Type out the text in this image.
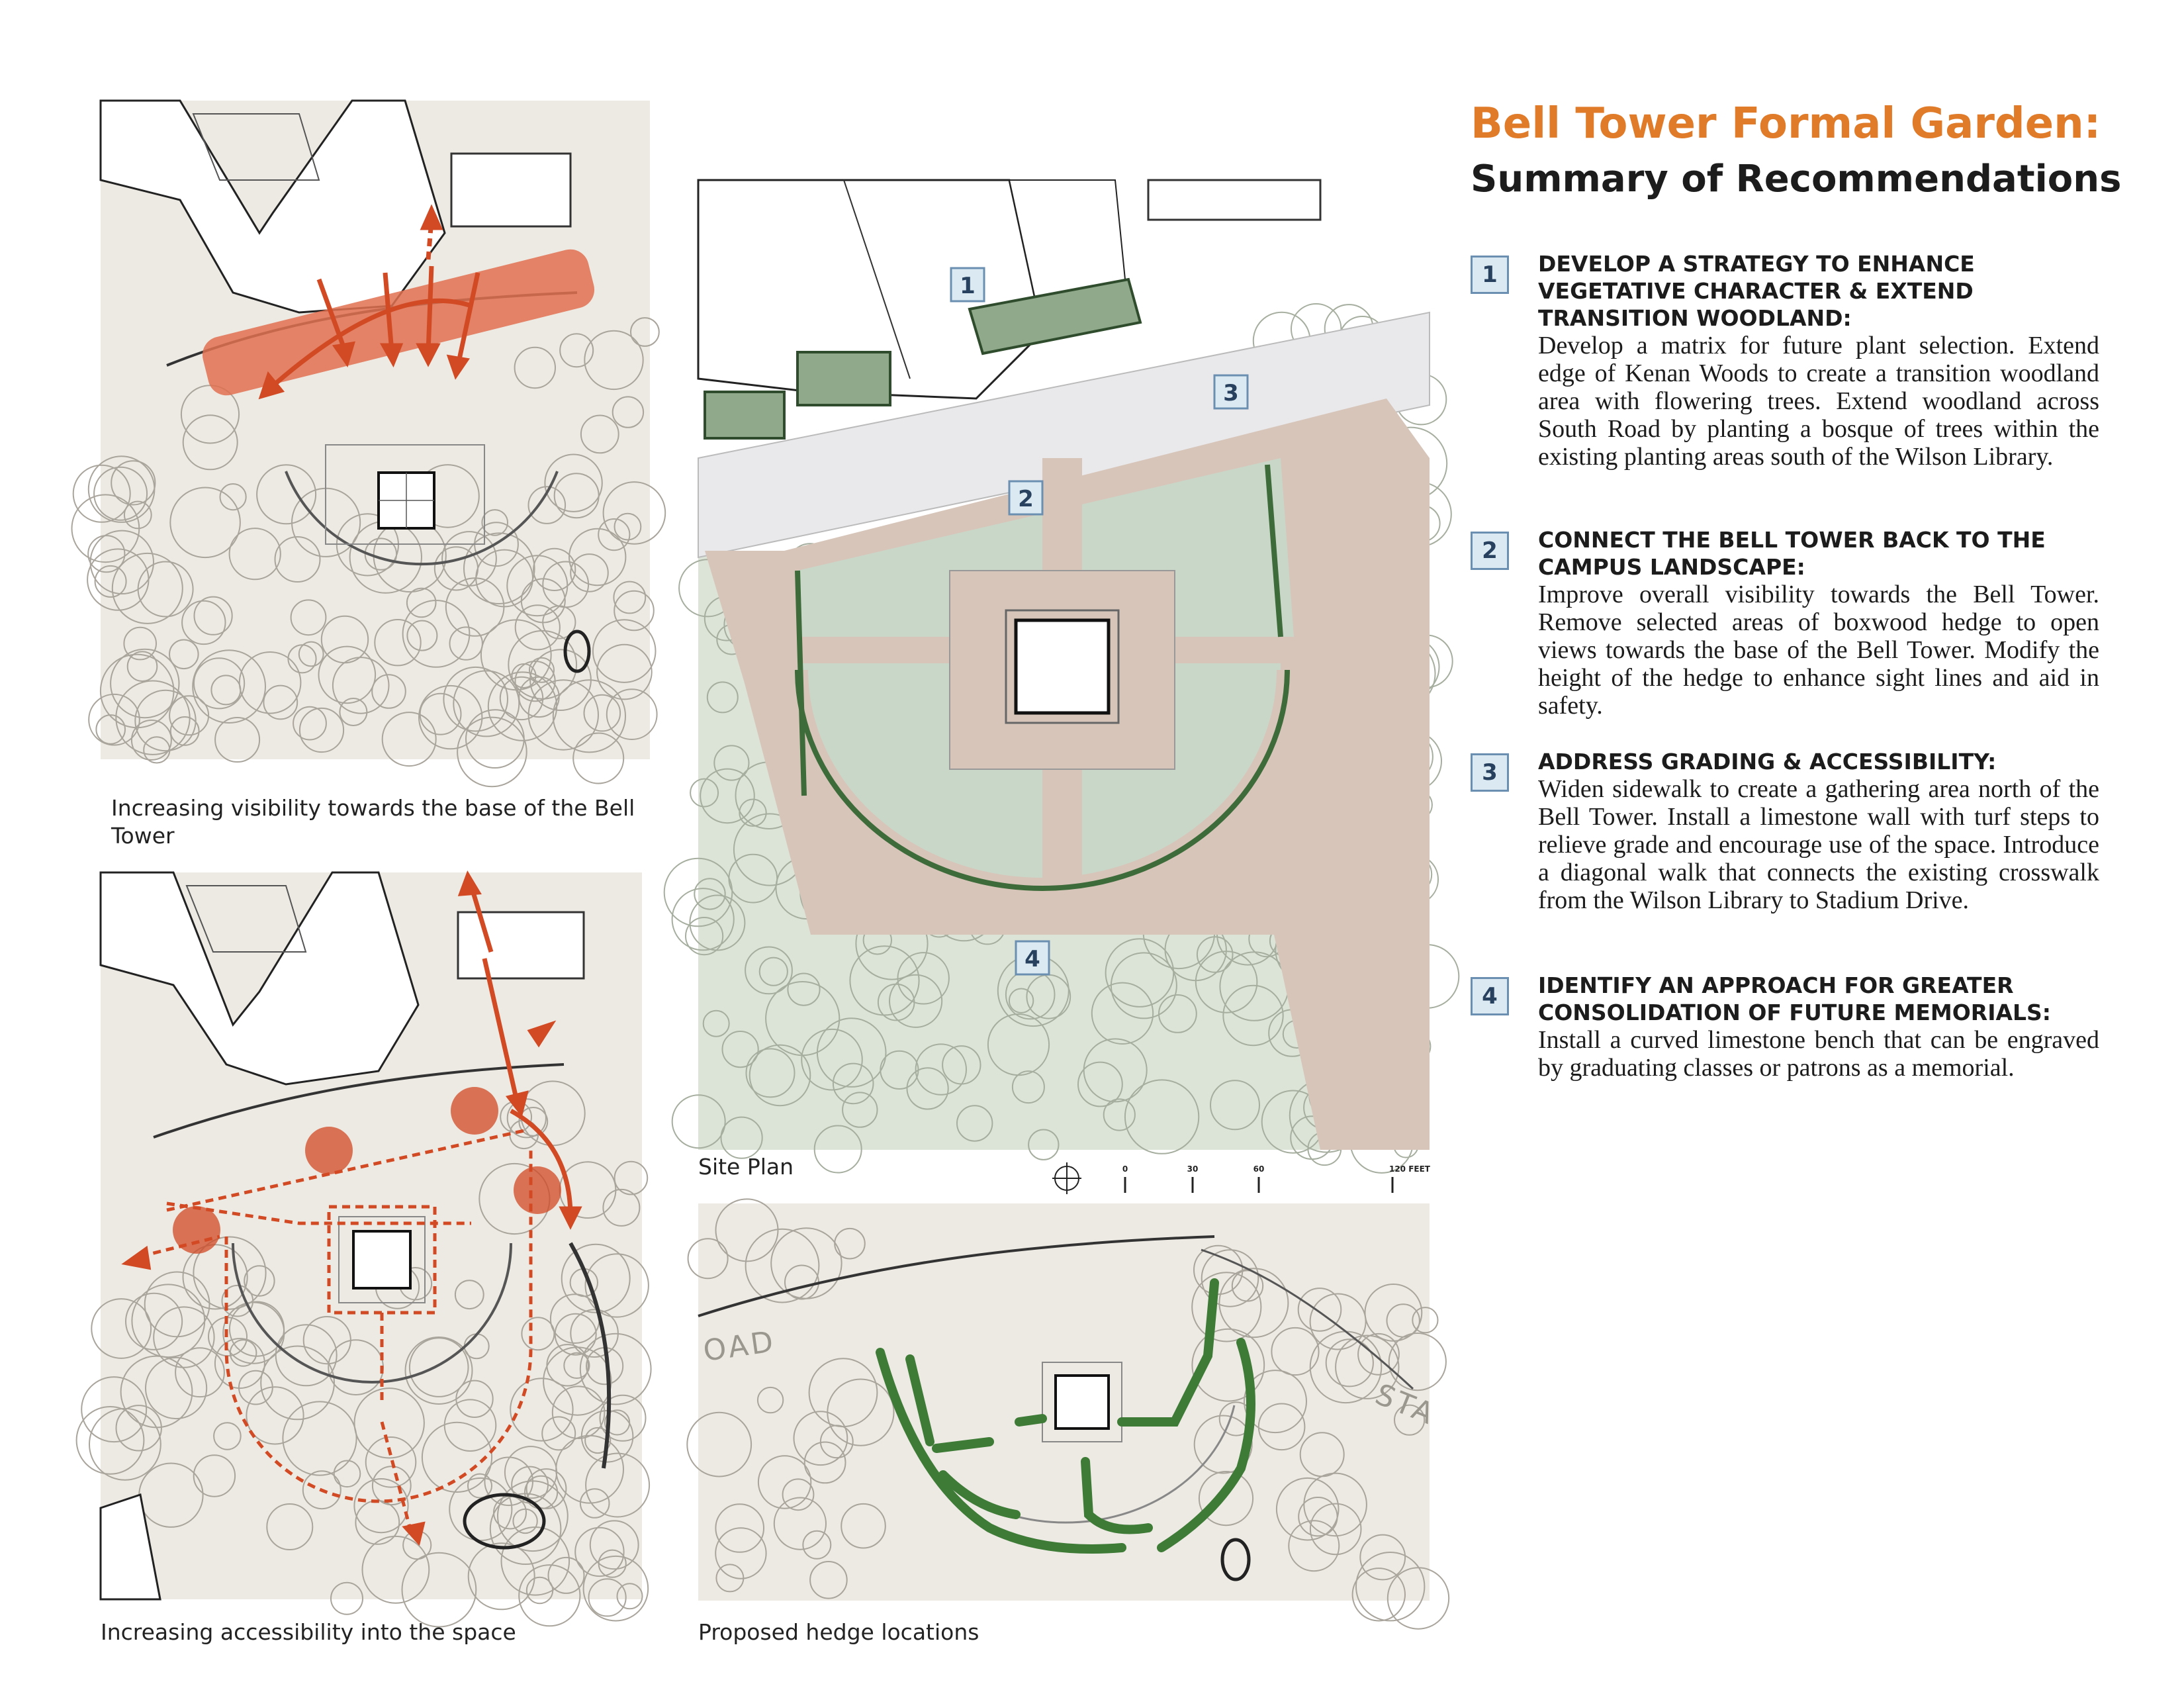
Bell Tower Formal Garden:
Summary of Recommendations
1	DEVELOP A STRATEGY TO ENHANCE VEGETATIVE CHARACTER & EXTEND TRANSITION WOODLAND:
Develop a matrix for future plant selection. Extend edge of Kenan Woods to create a transition woodland area with flowering trees. Extend woodland across South Road by planting a bosque of trees within the existing planting areas south of the Wilson Library.
2	CONNECT THE BELL TOWER BACK TO THE CAMPUS LANDSCAPE:
Improve overall visibility towards the Bell Tower. Remove selected areas of boxwood hedge to open views towards the base of the Bell Tower. Modify the height of the hedge to enhance sight lines and aid in safety.
3	ADDRESS GRADING & ACCESSIBILITY:
Widen sidewalk to create a gathering area north of the Bell Tower. Install a limestone wall with turf steps to relieve grade and encourage use of the space. Introduce a diagonal walk that connects the existing crosswalk from the Wilson Library to Stadium Drive.
4	IDENTIFY AN APPROACH FOR GREATER CONSOLIDATION OF FUTURE MEMORIALS:
Install a curved limestone bench that can be engraved by graduating classes or patrons as a memorial.
Increasing visibility towards the base of the Bell Tower
Increasing accessibility into the space
1
2
3
4
Site Plan	0	30	60	120 FEET
OAD
STA
Proposed hedge locations
